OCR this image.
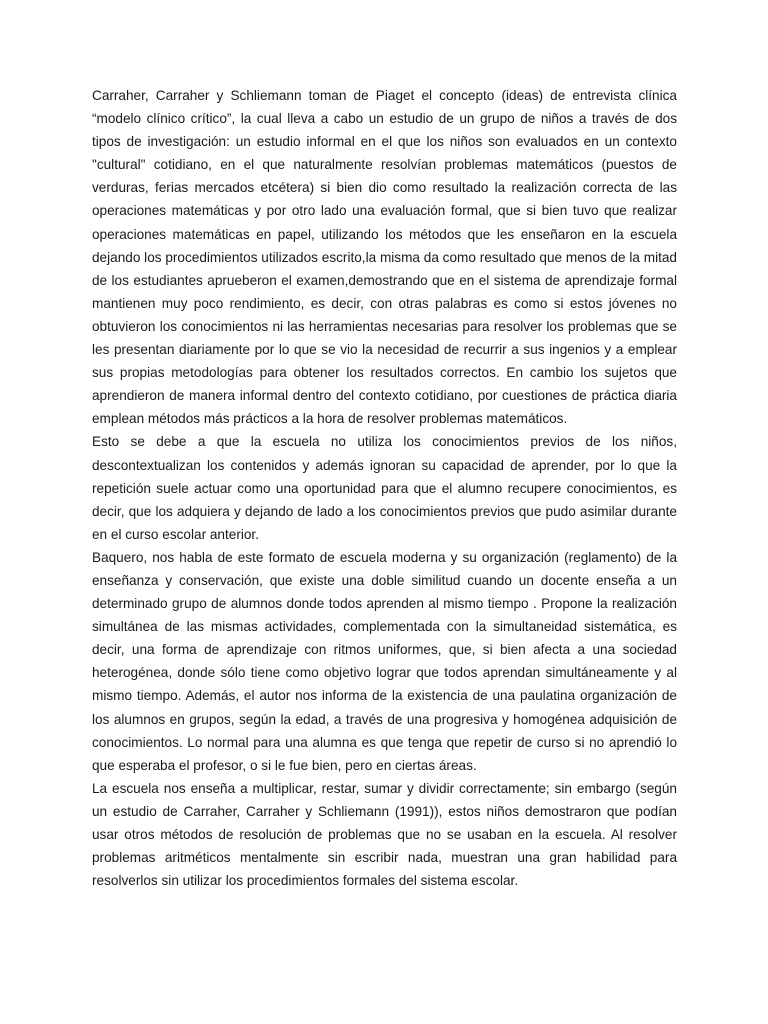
Carraher, Carraher y Schliemann toman de Piaget el concepto (ideas) de entrevista clínica “modelo clínico crítico”, la cual lleva a cabo un estudio de un grupo de niños a través de dos tipos de investigación: un estudio informal en el que los niños son evaluados en un contexto "cultural" cotidiano, en el que naturalmente resolvían problemas matemáticos (puestos de verduras, ferias mercados etcétera) si bien dio como resultado la realización correcta de las operaciones matemáticas y por otro lado una evaluación formal, que si bien tuvo que realizar operaciones matemáticas en papel, utilizando los métodos que les enseñaron en la escuela dejando los procedimientos utilizados escrito,la misma da como resultado que menos de la mitad de los estudiantes aprueberon el examen,demostrando que en el sistema de aprendizaje formal mantienen muy poco rendimiento, es decir, con otras palabras es como si estos jóvenes no obtuvieron los conocimientos ni las herramientas necesarias para resolver los problemas que se les presentan diariamente por lo que se vio la necesidad de recurrir a sus ingenios y a emplear sus propias metodologías para obtener los resultados correctos. En cambio los sujetos que aprendieron de manera informal dentro del contexto cotidiano, por cuestiones de práctica diaria emplean métodos más prácticos a la hora de resolver problemas matemáticos.

Esto se debe a que la escuela no utiliza los conocimientos previos de los niños, descontextualizan los contenidos y además ignoran su capacidad de aprender, por lo que la repetición suele actuar como una oportunidad para que el alumno recupere conocimientos, es decir, que los adquiera y dejando de lado a los conocimientos previos que pudo asimilar durante en el curso escolar anterior.

Baquero, nos habla de este formato de escuela moderna y su organización (reglamento) de la enseñanza y conservación, que existe una doble similitud cuando un docente enseña a un determinado grupo de alumnos donde todos aprenden al mismo tiempo . Propone la realización simultánea de las mismas actividades, complementada con la simultaneidad sistemática, es decir, una forma de aprendizaje con ritmos uniformes, que, si bien afecta a una sociedad heterogénea, donde sólo tiene como objetivo lograr que todos aprendan simultáneamente y al mismo tiempo. Además, el autor nos informa de la existencia de una paulatina organización de los alumnos en grupos, según la edad, a través de una progresiva y homogénea adquisición de conocimientos. Lo normal para una alumna es que tenga que repetir de curso si no aprendió lo que esperaba el profesor, o si le fue bien, pero en ciertas áreas.

La escuela nos enseña a multiplicar, restar, sumar y dividir correctamente; sin embargo (según un estudio de Carraher, Carraher y Schliemann (1991)), estos niños demostraron que podían usar otros métodos de resolución de problemas que no se usaban en la escuela. Al resolver problemas aritméticos mentalmente sin escribir nada, muestran una gran habilidad para resolverlos sin utilizar los procedimientos formales del sistema escolar.
